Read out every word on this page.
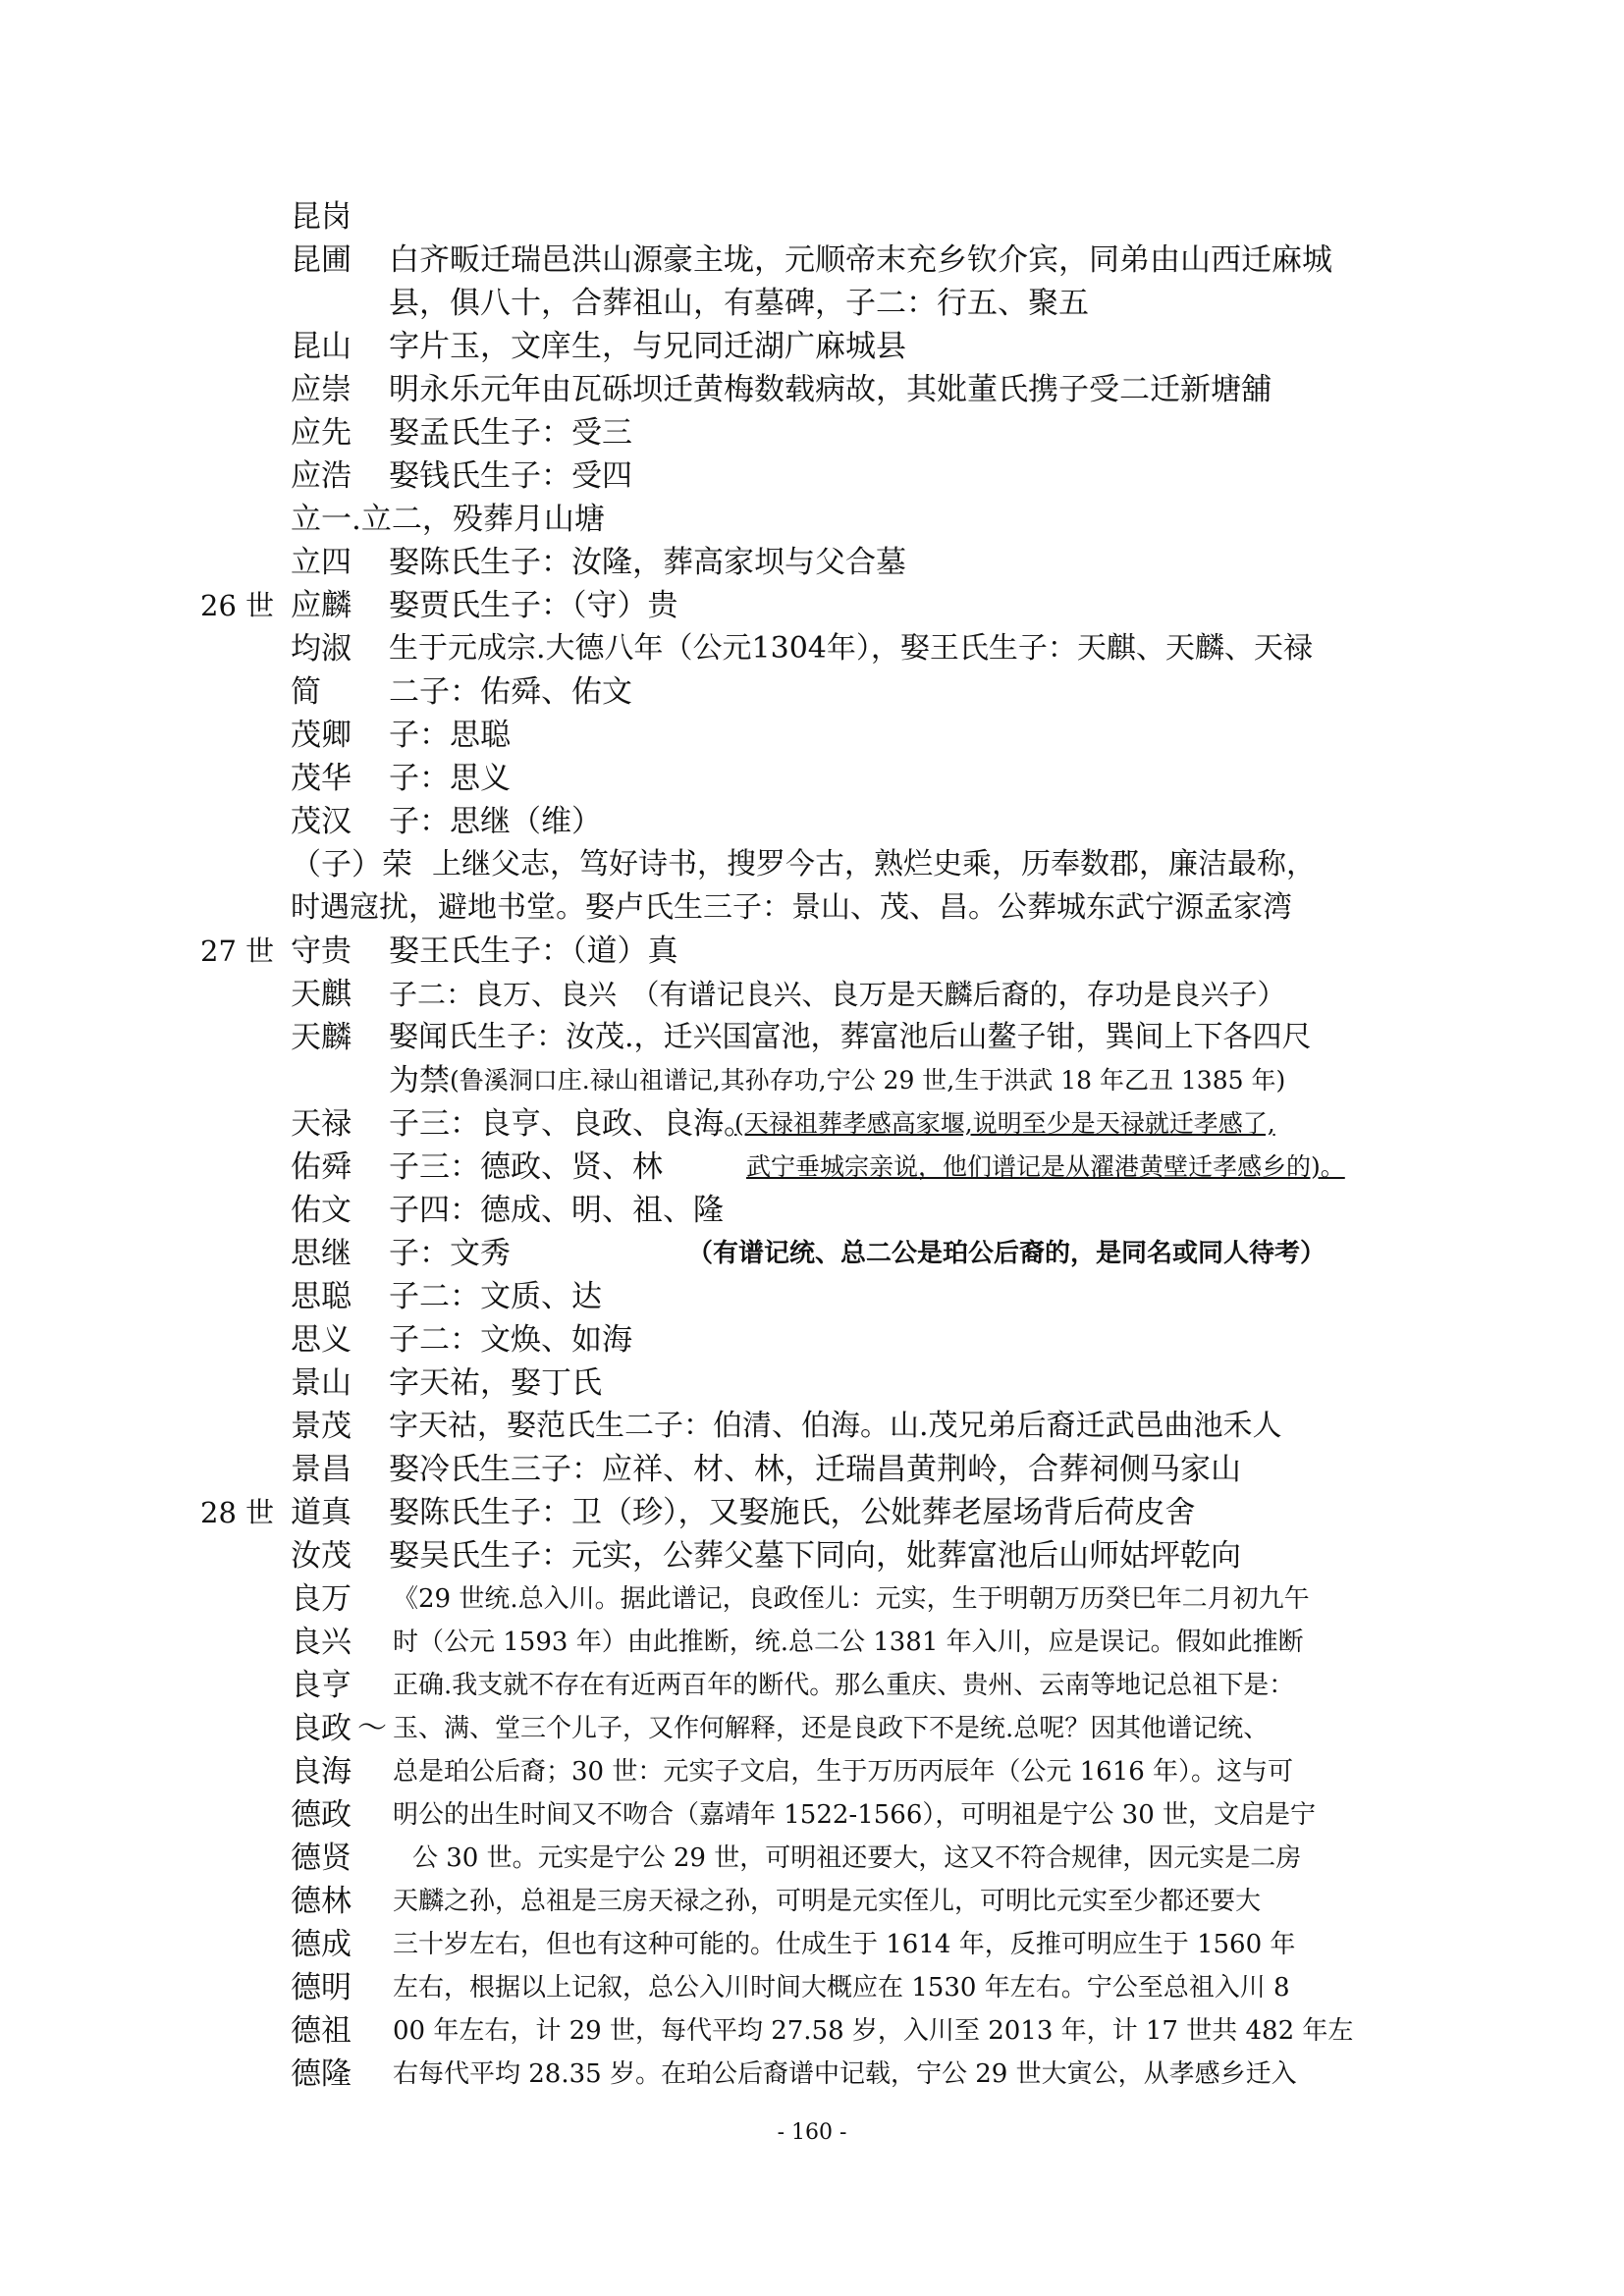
昆岗
昆圃 白齐畈迁瑞邑洪山源豪主垅，元顺帝末充乡钦介宾，同弟由山西迁麻城
县，俱八十，合葬祖山，有墓碑，子二：行五、聚五
昆山 字片玉，文庠生，与兄同迁湖广麻城县
应崇 明永乐元年由瓦砾坝迁黄梅数载病故，其妣董氏携子受二迁新塘舖
应先 娶孟氏生子：受三
应浩 娶钱氏生子：受四
立一.立二，殁葬月山塘
立四 娶陈氏生子：汝隆，葬高家坝与父合墓
26 世 应麟 娶贾氏生子：（守）贵
均淑 生于元成宗.大德八年（公元1304年），娶王氏生子：天麒、天麟、天禄
简 二子：佑舜、佑文
茂卿 子：思聪
茂华 子：思义
茂汉 子：思继（维）
（子）荣 上继父志，笃好诗书，搜罗今古，熟烂史乘，历奉数郡，廉洁最称，
时遇寇扰，避地书堂。娶卢氏生三子：景山、茂、昌。公葬城东武宁源孟家湾
27 世 守贵 娶王氏生子：（道）真
天麒 子二：良万、良兴　（有谱记良兴、良万是天麟后裔的，存功是良兴子）
天麟 娶闻氏生子：汝茂.，迁兴国富池，葬富池后山鳌子钳，巽间上下各四尺
为禁 (鲁溪洞口庄.禄山祖谱记,其孙存功,宁公 29 世,生于洪武 18 年乙丑 1385 年)
天禄 子三：良亨、良政、良海。
(天禄祖葬孝感高家堰,说明至少是天禄就迁孝感了,
佑舜 子三：德政、贤、林	武宁垂城宗亲说，他们谱记是从濯港黄壁迁孝感乡的)。
佑文 子四：德成、明、祖、隆
思继 子：文秀	（有谱记统、总二公是珀公后裔的，是同名或同人待考）
思聪 子二：文质、达
思义 子二：文焕、如海
景山 字天祐，娶丁氏
景茂 字天祜，娶范氏生二子：伯清、伯海。山.茂兄弟后裔迁武邑曲池禾人
景昌 娶冷氏生三子：应祥、材、林，迁瑞昌黄荆岭，合葬祠侧马家山
28 世 道真 娶陈氏生子：卫（珍），又娶施氏，公妣葬老屋场背后荷皮舍
汝茂 娶吴氏生子：元实，公葬父墓下同向，妣葬富池后山师姑坪乾向
良万 《29 世统.总入川。据此谱记，良政侄儿：元实，生于明朝万历癸巳年二月初九午
良兴 时（公元 1593 年）由此推断，统.总二公 1381 年入川，应是误记。假如此推断
良亨 正确.我支就不存在有近两百年的断代。那么重庆、贵州、云南等地记总祖下是：
良政 ～ 玉、满、堂三个儿子，又作何解释，还是良政下不是统.总呢？因其他谱记统、
良海 总是珀公后裔；30 世：元实子文启，生于万历丙辰年（公元 1616 年）。这与可
德政 明公的出生时间又不吻合（嘉靖年 1522-1566），可明祖是宁公 30 世，文启是宁
德贤 公 30 世。元实是宁公 29 世，可明祖还要大，这又不符合规律，因元实是二房
德林 天麟之孙，总祖是三房天禄之孙，可明是元实侄儿，可明比元实至少都还要大
德成 三十岁左右，但也有这种可能的。仕成生于 1614 年，反推可明应生于 1560 年
德明 左右，根据以上记叙，总公入川时间大概应在 1530 年左右。宁公至总祖入川 8
德祖 00 年左右，计 29 世，每代平均 27.58 岁，入川至 2013 年，计 17 世共 482 年左
德隆 右每代平均 28.35 岁。在珀公后裔谱中记载，宁公 29 世大寅公，从孝感乡迁入
- 160 -
